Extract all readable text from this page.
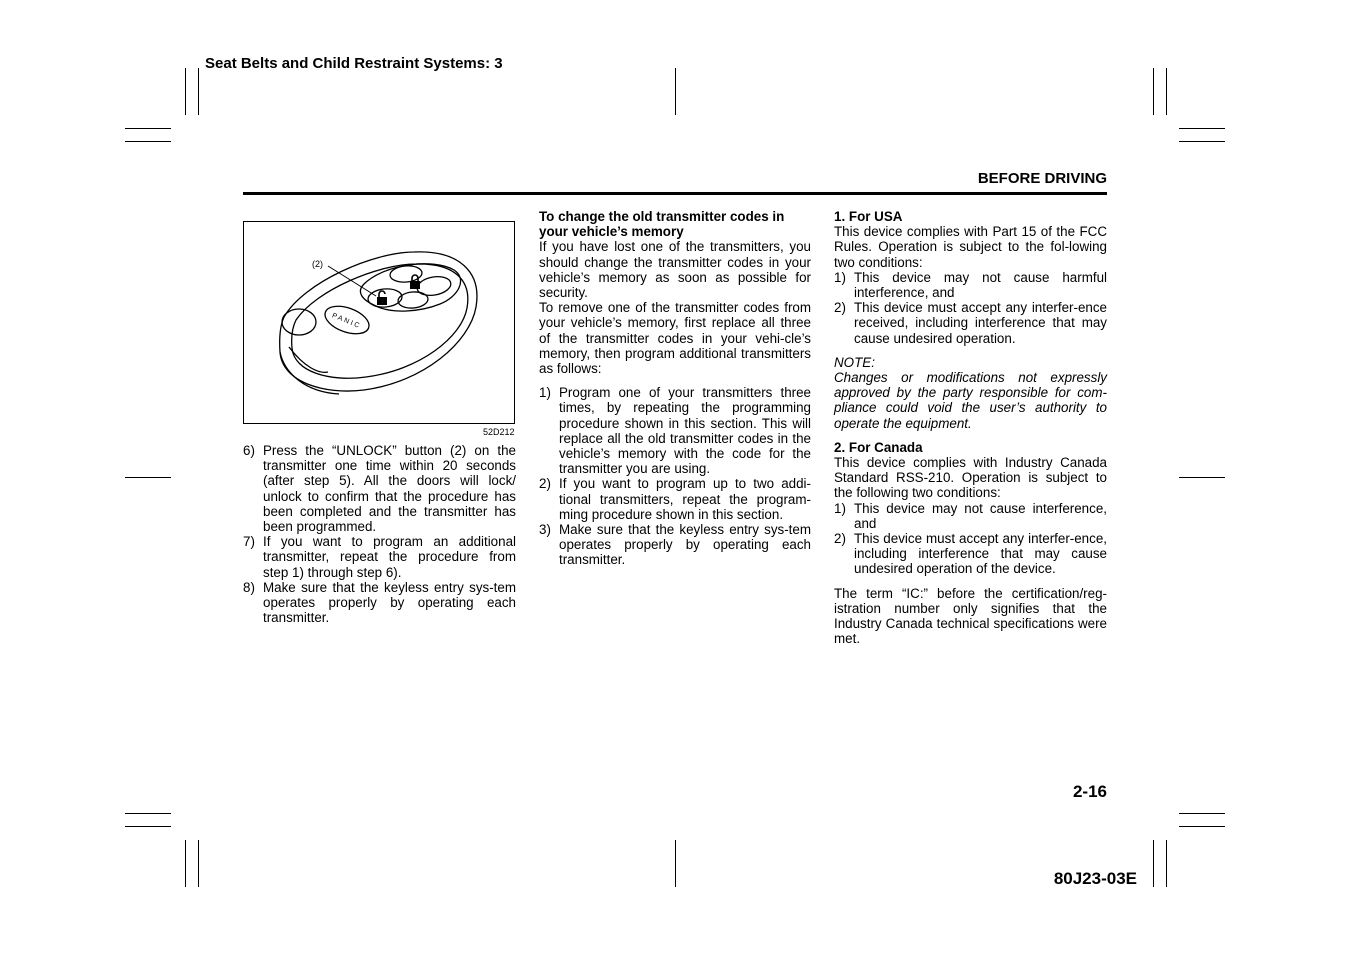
Seat Belts and Child Restraint Systems: 3
BEFORE DRIVING
PANIC
(2)
52D212
6) Press the “UNLOCK” button (2) on the transmitter one time within 20 seconds (after step 5). All the doors will lock/ unlock to confirm that the procedure has been completed and the transmitter has been programmed.
7) If you want to program an additional transmitter, repeat the procedure from step 1) through step 6).
8) Make sure that the keyless entry sys-tem operates properly by operating each transmitter.

To change the old transmitter codes in your vehicle’s memory

If you have lost one of the transmitters, you should change the transmitter codes in your vehicle’s memory as soon as possible for security.

To remove one of the transmitter codes from your vehicle’s memory, first replace all three of the transmitter codes in your vehi-cle’s memory, then program additional transmitters as follows:

1) Program one of your transmitters three times, by repeating the programming procedure shown in this section. This will replace all the old transmitter codes in the vehicle’s memory with the code for the transmitter you are using.
2) If you want to program up to two addi-tional transmitters, repeat the program-ming procedure shown in this section.
3) Make sure that the keyless entry sys-tem operates properly by operating each transmitter.

1. For USA

This device complies with Part 15 of the FCC Rules. Operation is subject to the fol-lowing two conditions:

1) This device may not cause harmful interference, and
2) This device must accept any interfer-ence received, including interference that may cause undesired operation.

NOTE:

Changes or modifications not expressly approved by the party responsible for com-pliance could void the user’s authority to operate the equipment.

2. For Canada

This device complies with Industry Canada Standard RSS-210. Operation is subject to the following two conditions:

1) This device may not cause interference, and
2) This device must accept any interfer-ence, including interference that may cause undesired operation of the device.

The term “IC:” before the certification/reg-istration number only signifies that the Industry Canada technical specifications were met.

2-16
80J23-03E
